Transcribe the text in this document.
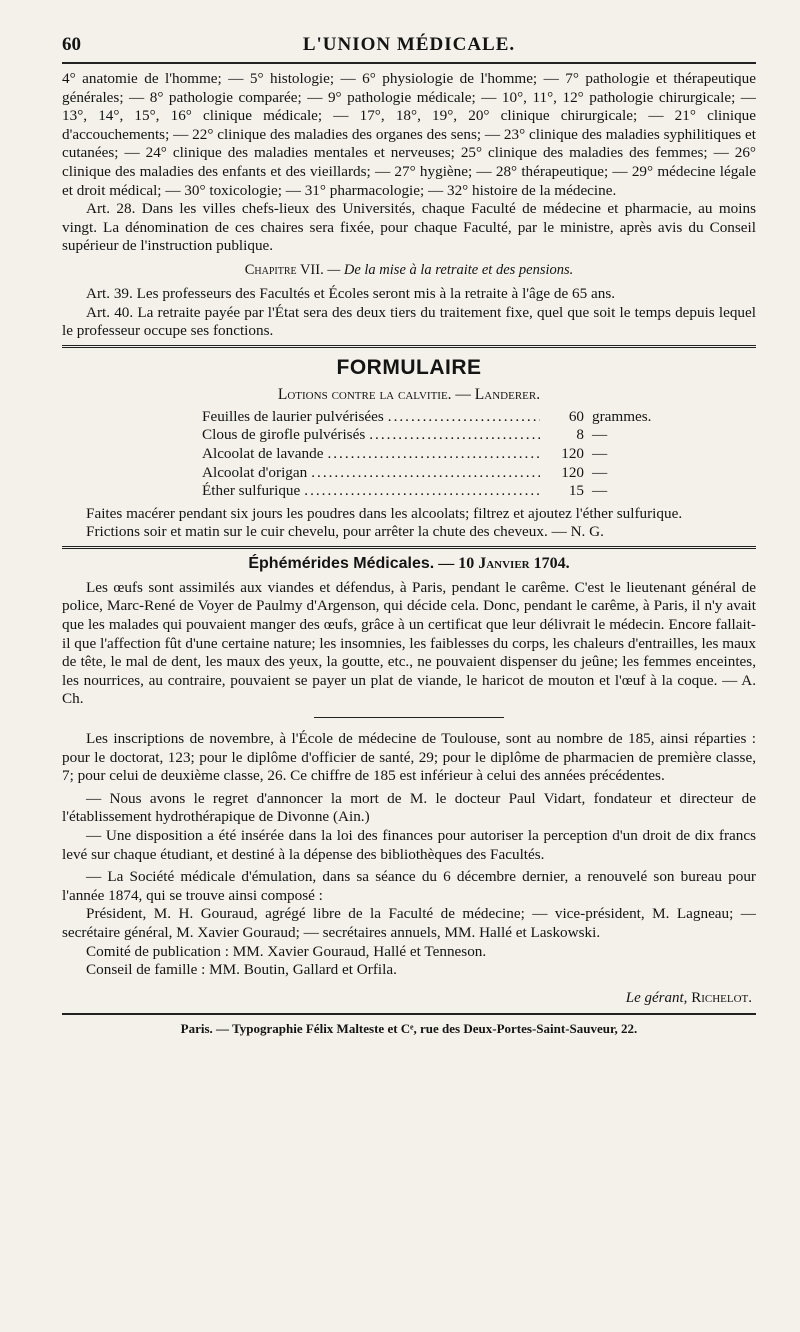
60	L'UNION MÉDICALE.

4° anatomie de l'homme; — 5° histologie; — 6° physiologie de l'homme; — 7° pathologie et thérapeutique générales; — 8° pathologie comparée; — 9° pathologie médicale; — 10°, 11°, 12° pathologie chirurgicale; — 13°, 14°, 15°, 16° clinique médicale; — 17°, 18°, 19°, 20° clinique chirurgicale; — 21° clinique d'accouchements; — 22° clinique des maladies des organes des sens; — 23° clinique des maladies syphilitiques et cutanées; — 24° clinique des maladies mentales et nerveuses; 25° clinique des maladies des femmes; — 26° clinique des maladies des enfants et des vieillards; — 27° hygiène; — 28° thérapeutique; — 29° médecine légale et droit médical; — 30° toxicologie; — 31° pharmacologie; — 32° histoire de la médecine.

Art. 28. Dans les villes chefs-lieux des Universités, chaque Faculté de médecine et pharmacie, au moins vingt. La dénomination de ces chaires sera fixée, pour chaque Faculté, par le ministre, après avis du Conseil supérieur de l'instruction publique.

Chapitre VII. — De la mise à la retraite et des pensions.

Art. 39. Les professeurs des Facultés et Écoles seront mis à la retraite à l'âge de 65 ans.

Art. 40. La retraite payée par l'État sera des deux tiers du traitement fixe, quel que soit le temps depuis lequel le professeur occupe ses fonctions.

FORMULAIRE
Lotions contre la calvitie. — Landerer.
Feuilles de laurier pulvérisées .....	60 grammes.
Clous de girofle pulvérisés .....	8 —
Alcoolat de lavande .....	120 —
Alcoolat d'origan .....	120 —
Éther sulfurique .....	15 —

Faites macérer pendant six jours les poudres dans les alcoolats; filtrez et ajoutez l'éther sulfurique.

Frictions soir et matin sur le cuir chevelu, pour arrêter la chute des cheveux. — N. G.

Éphémérides Médicales. — 10 Janvier 1704.

Les œufs sont assimilés aux viandes et défendus, à Paris, pendant le carême. C'est le lieutenant général de police, Marc-René de Voyer de Paulmy d'Argenson, qui décide cela. Donc, pendant le carême, à Paris, il n'y avait que les malades qui pouvaient manger des œufs, grâce à un certificat que leur délivrait le médecin. Encore fallait-il que l'affection fût d'une certaine nature; les insomnies, les faiblesses du corps, les chaleurs d'entrailles, les maux de tête, le mal de dent, les maux des yeux, la goutte, etc., ne pouvaient dispenser du jeûne; les femmes enceintes, les nourrices, au contraire, pouvaient se payer un plat de viande, le haricot de mouton et l'œuf à la coque. — A. Ch.

Les inscriptions de novembre, à l'École de médecine de Toulouse, sont au nombre de 185, ainsi réparties : pour le doctorat, 123; pour le diplôme d'officier de santé, 29; pour le diplôme de pharmacien de première classe, 7; pour celui de deuxième classe, 26. Ce chiffre de 185 est inférieur à celui des années précédentes.

— Nous avons le regret d'annoncer la mort de M. le docteur Paul Vidart, fondateur et directeur de l'établissement hydrothérapique de Divonne (Ain.)

— Une disposition a été insérée dans la loi des finances pour autoriser la perception d'un droit de dix francs levé sur chaque étudiant, et destiné à la dépense des bibliothèques des Facultés.

— La Société médicale d'émulation, dans sa séance du 6 décembre dernier, a renouvelé son bureau pour l'année 1874, qui se trouve ainsi composé :

Président, M. H. Gouraud, agrégé libre de la Faculté de médecine; — vice-président, M. Lagneau; — secrétaire général, M. Xavier Gouraud; — secrétaires annuels, MM. Hallé et Laskowski.

Comité de publication : MM. Xavier Gouraud, Hallé et Tenneson.

Conseil de famille : MM. Boutin, Gallard et Orfila.

Le gérant, Richelot.
Paris. — Typographie Félix Malteste et Cᵉ, rue des Deux-Portes-Saint-Sauveur, 22.
